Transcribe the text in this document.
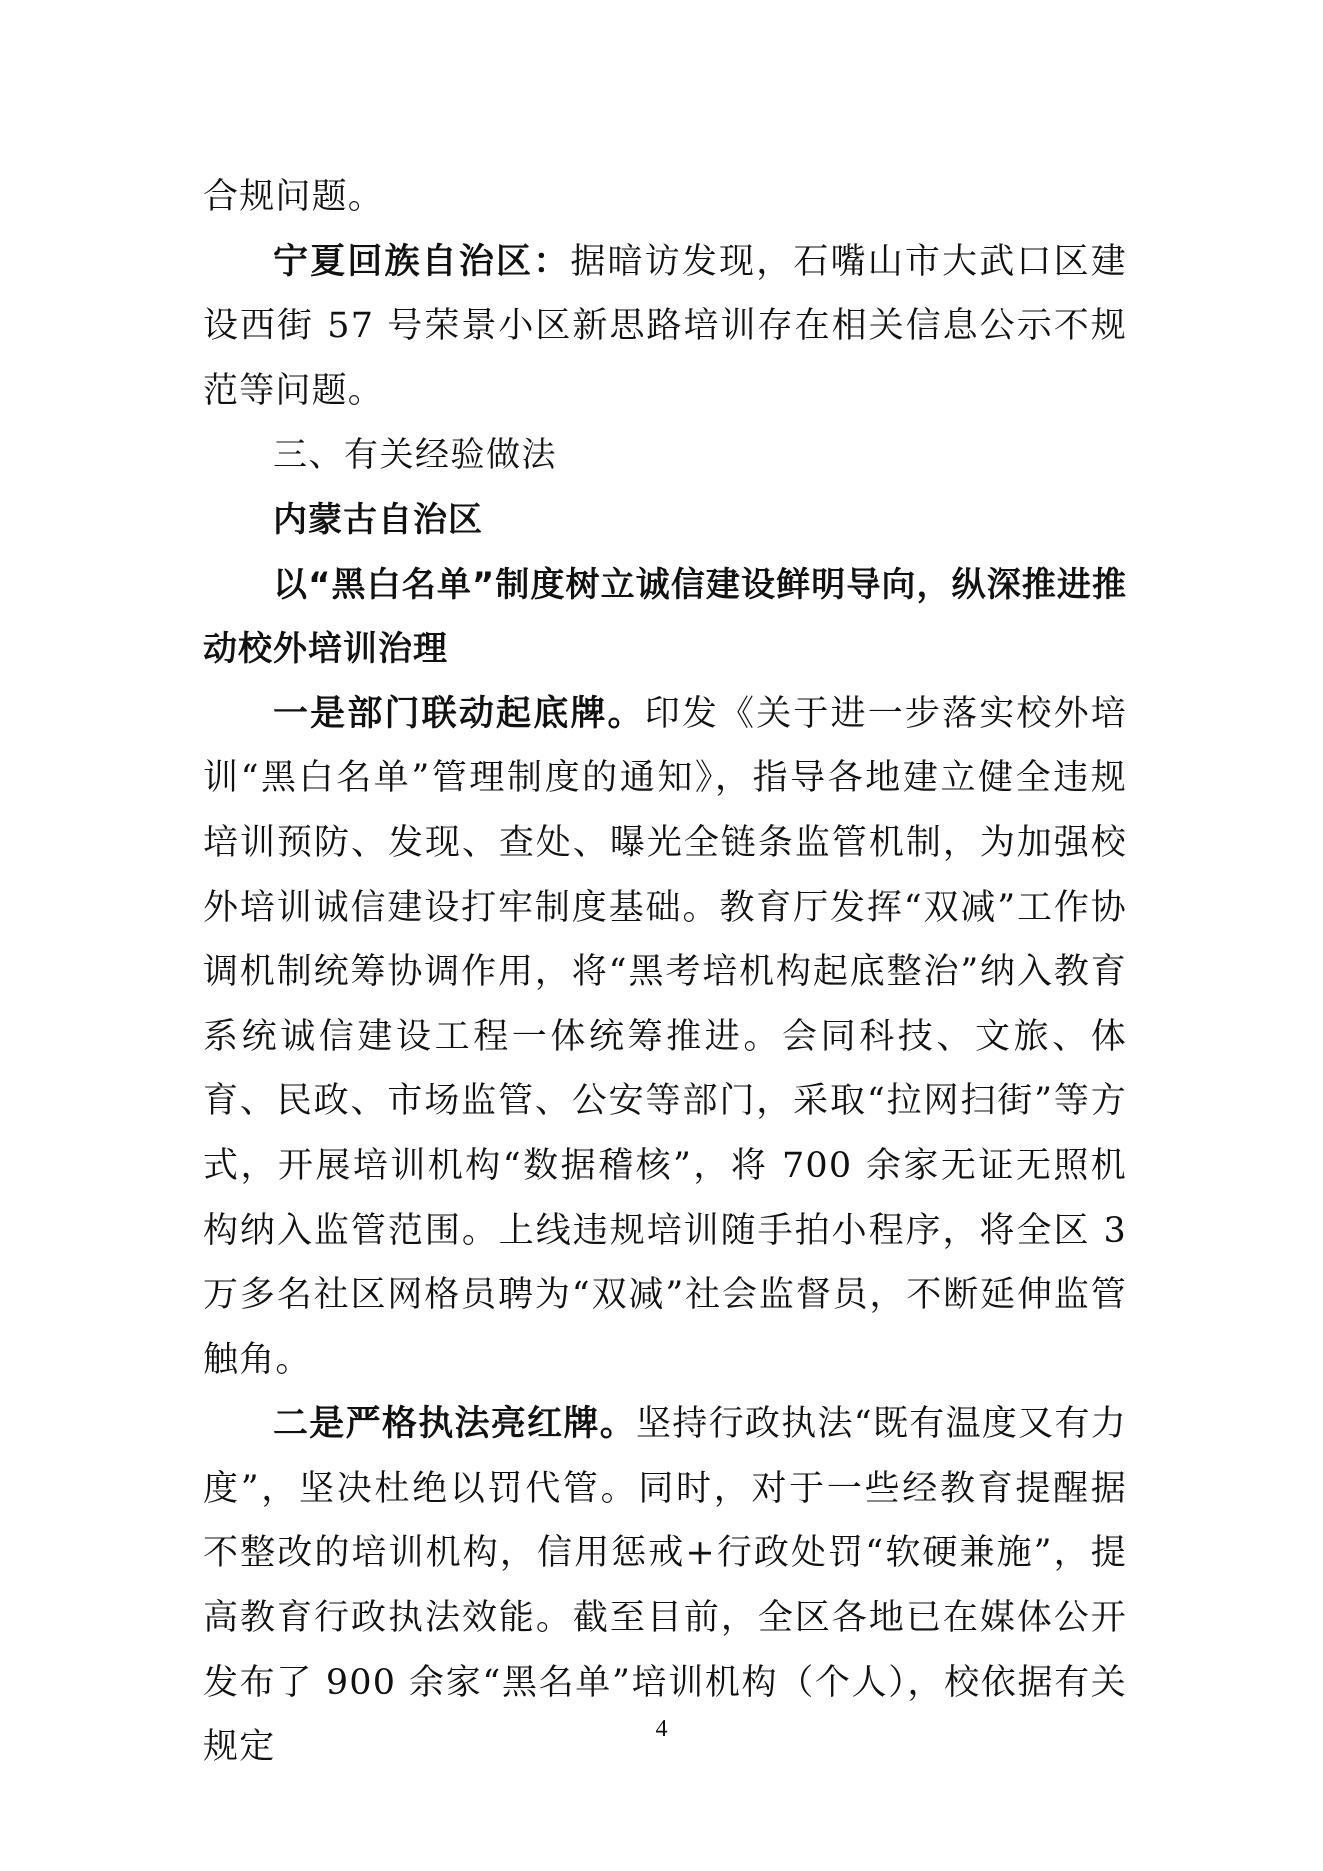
合规问题。

宁夏回族自治区：据暗访发现，石嘴山市大武口区建设西街 57 号荣景小区新思路培训存在相关信息公示不规范等问题。

三、有关经验做法

内蒙古自治区

以“黑白名单”制度树立诚信建设鲜明导向，纵深推进推动校外培训治理

一是部门联动起底牌。印发《关于进一步落实校外培训“黑白名单”管理制度的通知》，指导各地建立健全违规培训预防、发现、查处、曝光全链条监管机制，为加强校外培训诚信建设打牢制度基础。教育厅发挥“双减”工作协调机制统筹协调作用，将“黑考培机构起底整治”纳入教育系统诚信建设工程一体统筹推进。会同科技、文旅、体育、民政、市场监管、公安等部门，采取“拉网扫街”等方式，开展培训机构“数据稽核”，将 700 余家无证无照机构纳入监管范围。上线违规培训随手拍小程序，将全区 3 万多名社区网格员聘为“双减”社会监督员，不断延伸监管触角。

二是严格执法亮红牌。坚持行政执法“既有温度又有力度”，坚决杜绝以罚代管。同时，对于一些经教育提醒据不整改的培训机构，信用惩戒+行政处罚“软硬兼施”，提高教育行政执法效能。截至目前，全区各地已在媒体公开发布了 900 余家“黑名单”培训机构（个人），校依据有关规定	4
